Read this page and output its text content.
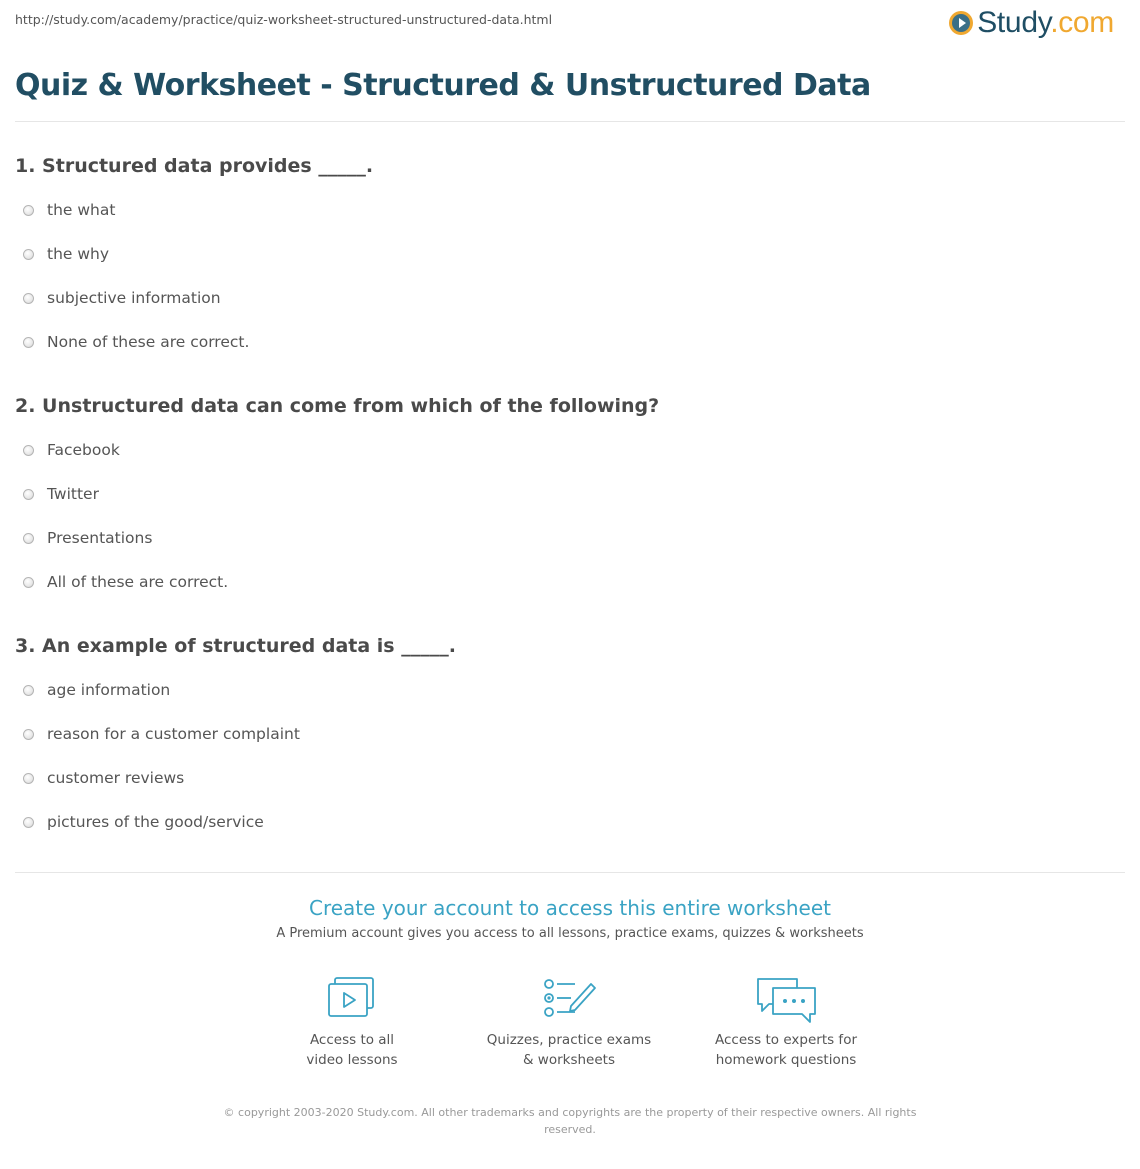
http://study.com/academy/practice/quiz-worksheet-structured-unstructured-data.html	Study.com
Quiz & Worksheet - Structured & Unstructured Data
1. Structured data provides _____.
the what
the why
subjective information
None of these are correct.
2. Unstructured data can come from which of the following?
Facebook
Twitter
Presentations
All of these are correct.
3. An example of structured data is _____.
age information
reason for a customer complaint
customer reviews
pictures of the good/service
Create your account to access this entire worksheet
A Premium account gives you access to all lessons, practice exams, quizzes & worksheets
Access to all
video lessons
Quizzes, practice exams
& worksheets
Access to experts for
homework questions
© copyright 2003-2020 Study.com. All other trademarks and copyrights are the property of their respective owners. All rights
reserved.
